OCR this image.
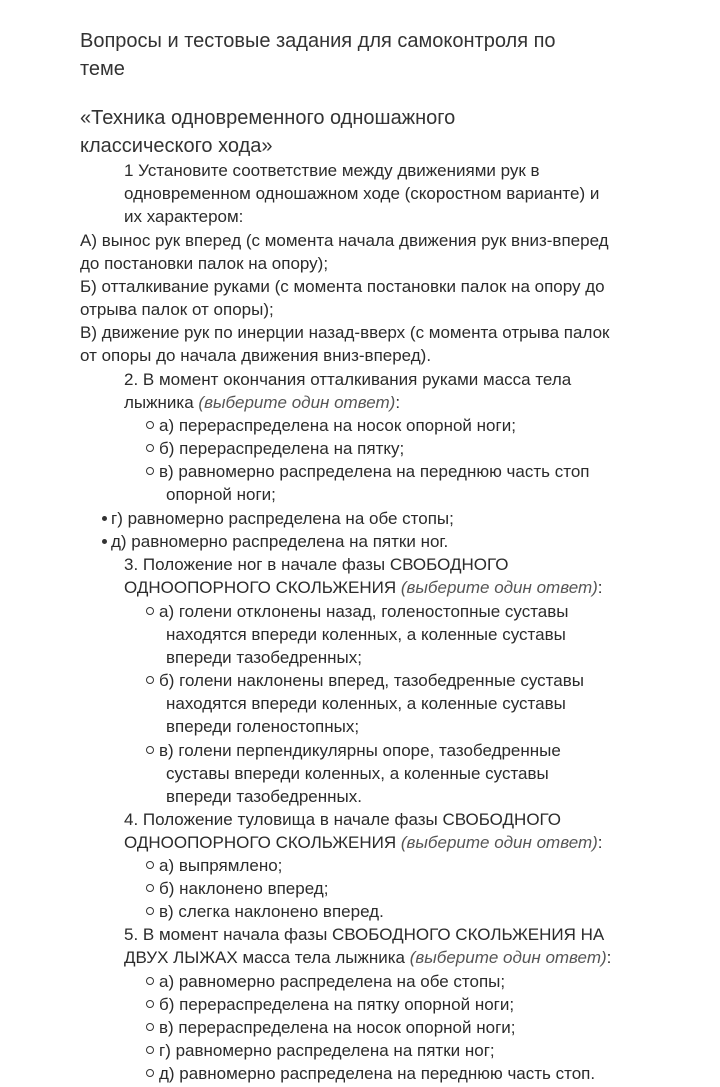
Вопросы и тестовые задания для самоконтроля по
теме
«Техника одновременного одношажного
классического хода»
1 Установите соответствие между движениями рук в
одновременном одношажном ходе (скоростном варианте) и
их характером:
А) вынос рук вперед (с момента начала движения рук вниз-вперед
до постановки палок на опору);
Б) отталкивание руками (с момента постановки палок на опору до
отрыва палок от опоры);
В) движение рук по инерции назад-вверх (с момента отрыва палок
от опоры до начала движения вниз-вперед).
2. В момент окончания отталкивания руками масса тела
лыжника (выберите один ответ):
а) перераспределена на носок опорной ноги;
б) перераспределена на пятку;
в) равномерно распределена на переднюю часть стоп
опорной ноги;
г) равномерно распределена на обе стопы;
д) равномерно распределена на пятки ног.
3. Положение ног в начале фазы СВОБОДНОГО
ОДНООПОРНОГО СКОЛЬЖЕНИЯ (выберите один ответ):
а) голени отклонены назад, голеностопные суставы
находятся впереди коленных, а коленные суставы
впереди тазобедренных;
б) голени наклонены вперед, тазобедренные суставы
находятся впереди коленных, а коленные суставы
впереди голеностопных;
в) голени перпендикулярны опоре, тазобедренные
суставы впереди коленных, а коленные суставы
впереди тазобедренных.
4. Положение туловища в начале фазы СВОБОДНОГО
ОДНООПОРНОГО СКОЛЬЖЕНИЯ (выберите один ответ):
а) выпрямлено;
б) наклонено вперед;
в) слегка наклонено вперед.
5. В момент начала фазы СВОБОДНОГО СКОЛЬЖЕНИЯ НА
ДВУХ ЛЫЖАХ масса тела лыжника (выберите один ответ):
а) равномерно распределена на обе стопы;
б) перераспределена на пятку опорной ноги;
в) перераспределена на носок опорной ноги;
г) равномерно распределена на пятки ног;
д) равномерно распределена на переднюю часть стоп.
